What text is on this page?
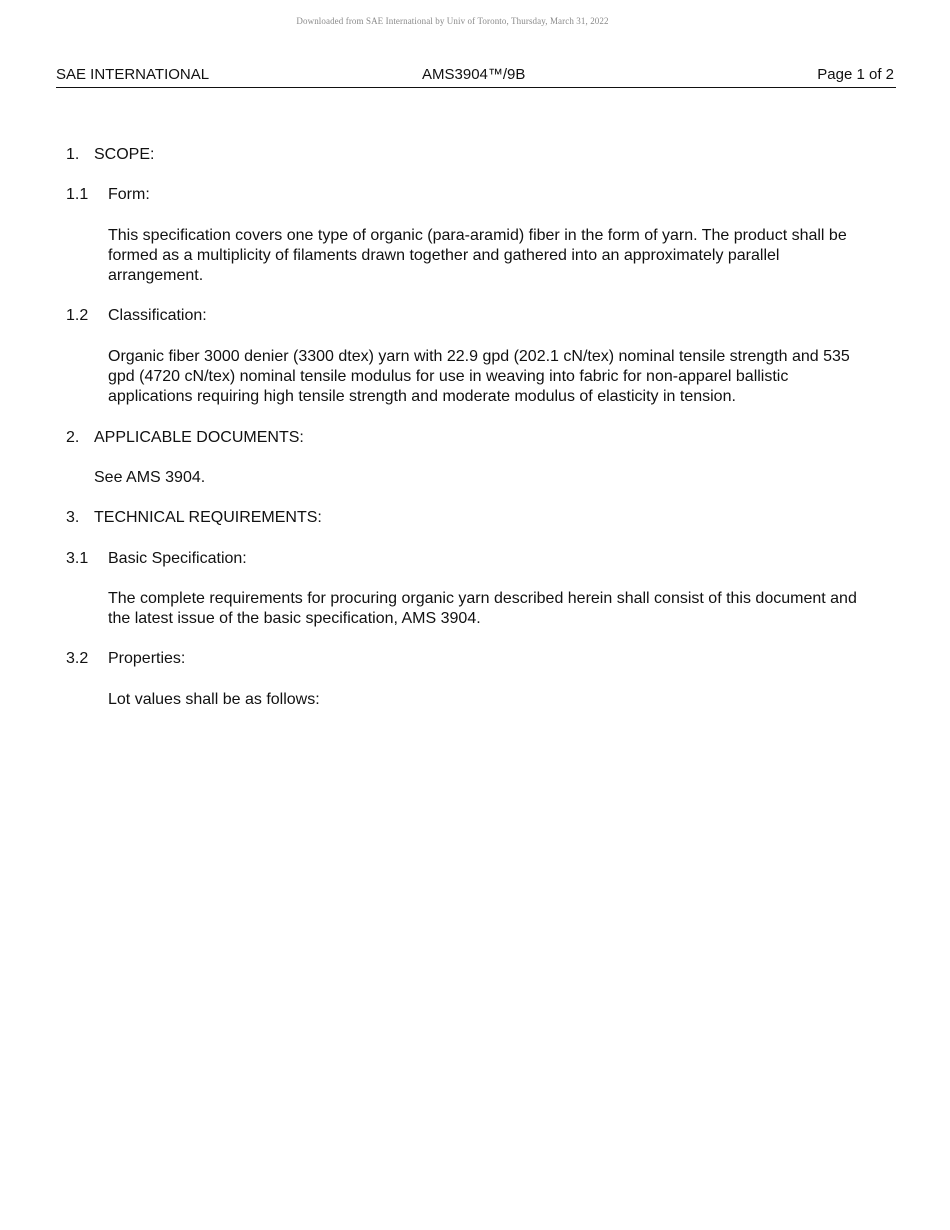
Downloaded from SAE International by Univ of Toronto, Thursday, March 31, 2022
SAE INTERNATIONAL	AMS3904™/9B	Page 1 of 2
1. SCOPE:
1.1	Form:
This specification covers one type of organic (para-aramid) fiber in the form of yarn. The product shall be formed as a multiplicity of filaments drawn together and gathered into an approximately parallel arrangement.
1.2	Classification:
Organic fiber 3000 denier (3300 dtex) yarn with 22.9 gpd (202.1 cN/tex) nominal tensile strength and 535 gpd (4720 cN/tex) nominal tensile modulus for use in weaving into fabric for non-apparel ballistic applications requiring high tensile strength and moderate modulus of elasticity in tension.
2. APPLICABLE DOCUMENTS:
See AMS 3904.
3. TECHNICAL REQUIREMENTS:
3.1	Basic Specification:
The complete requirements for procuring organic yarn described herein shall consist of this document and the latest issue of the basic specification, AMS 3904.
3.2	Properties:
Lot values shall be as follows:
